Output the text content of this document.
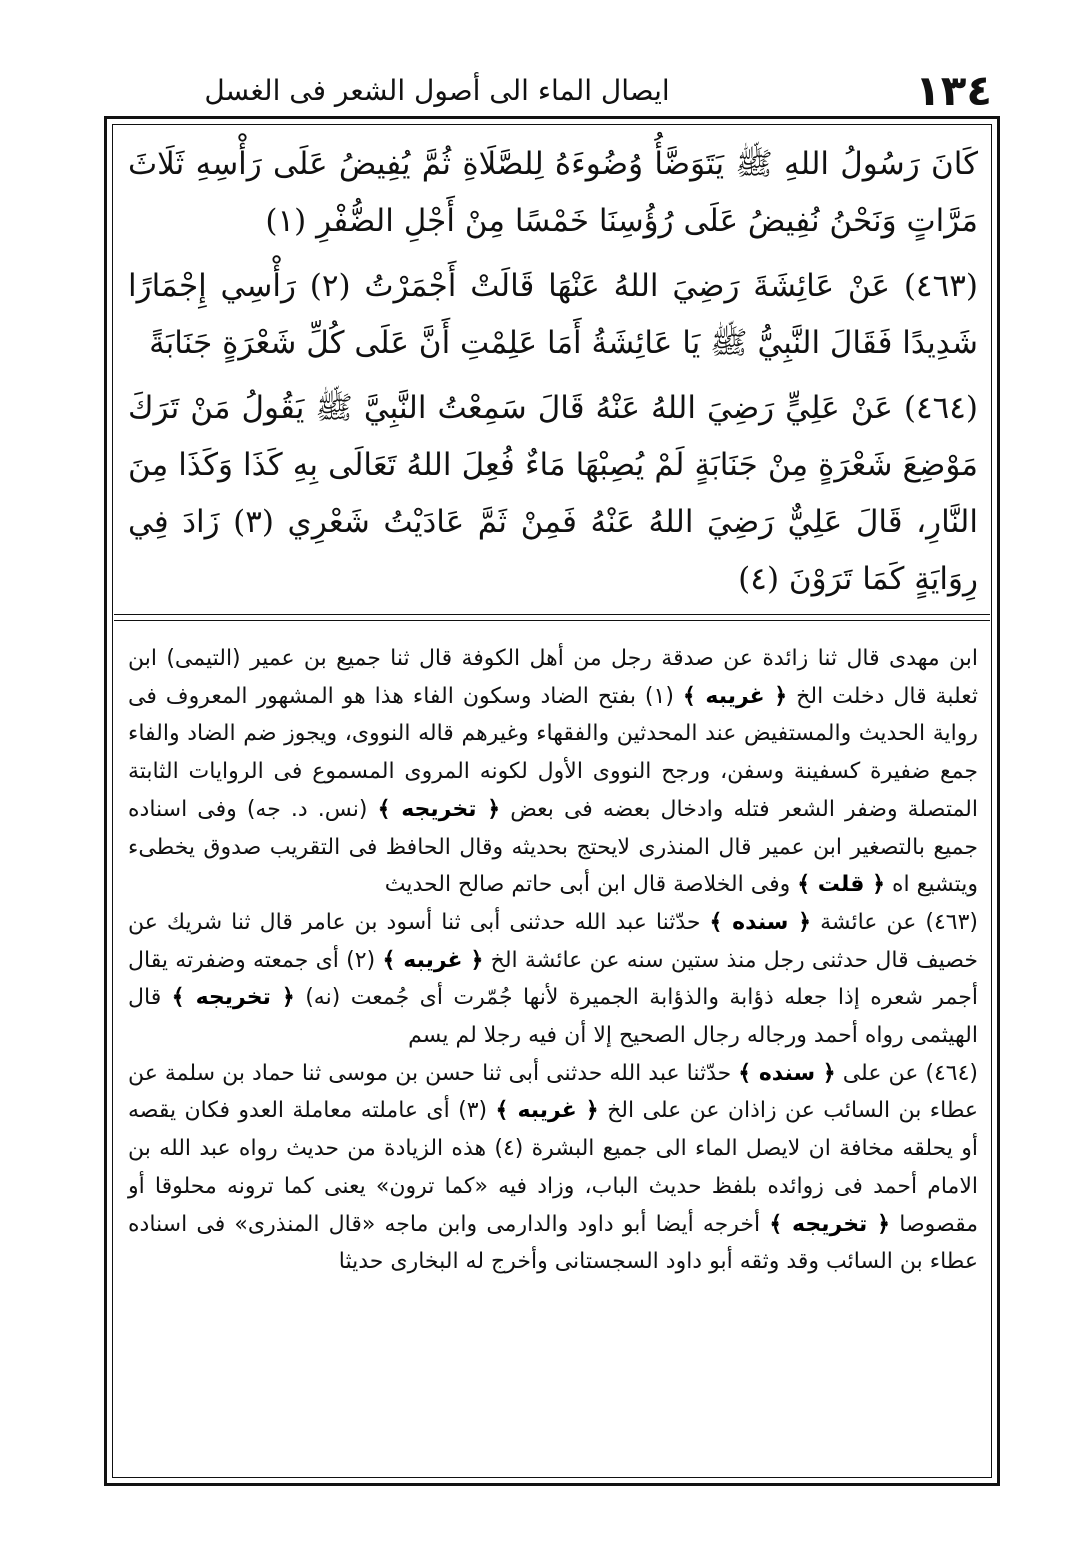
١٣٤
ايصال الماء الى أصول الشعر فى الغسل

كَانَ رَسُولُ اللهِ ﷺ يَتَوَضَّأُ وُضُوءَهُ لِلصَّلَاةِ ثُمَّ يُفِيضُ عَلَى رَأْسِهِ ثَلَاثَ مَرَّاتٍ وَنَحْنُ نُفِيضُ عَلَى رُؤُسِنَا خَمْسًا مِنْ أَجْلِ الضُّفْرِ (١)

(٤٦٣) عَنْ عَائِشَةَ رَضِيَ اللهُ عَنْهَا قَالَتْ أَجْمَرْتُ (٢) رَأْسِي إِجْمَارًا شَدِيدًا فَقَالَ النَّبِيُّ ﷺ يَا عَائِشَةُ أَمَا عَلِمْتِ أَنَّ عَلَى كُلِّ شَعْرَةٍ جَنَابَةً

(٤٦٤) عَنْ عَلِيٍّ رَضِيَ اللهُ عَنْهُ قَالَ سَمِعْتُ النَّبِيَّ ﷺ يَقُولُ مَنْ تَرَكَ مَوْضِعَ شَعْرَةٍ مِنْ جَنَابَةٍ لَمْ يُصِبْهَا مَاءٌ فُعِلَ اللهُ تَعَالَى بِهِ كَذَا وَكَذَا مِنَ النَّارِ، قَالَ عَلِيٌّ رَضِيَ اللهُ عَنْهُ فَمِنْ ثَمَّ عَادَيْتُ شَعْرِي (٣) زَادَ فِي رِوَايَةٍ كَمَا تَرَوْنَ (٤)

ابن مهدى قال ثنا زائدة عن صدقة رجل من أهل الكوفة قال ثنا جميع بن عمير (التيمى) ابن ثعلبة قال دخلت الخ ﴿ غريبه ﴾ (١) بفتح الضاد وسكون الفاء هذا هو المشهور المعروف فى رواية الحديث والمستفيض عند المحدثين والفقهاء وغيرهم قاله النووى، ويجوز ضم الضاد والفاء جمع ضفيرة كسفينة وسفن، ورجح النووى الأول لكونه المروى المسموع فى الروايات الثابتة المتصلة وضفر الشعر فتله وادخال بعضه فى بعض ﴿ تخريجه ﴾ (نس. د. جه) وفى اسناده جميع بالتصغير ابن عمير قال المنذرى لايحتج بحديثه وقال الحافظ فى التقريب صدوق يخطىء ويتشيع اه ﴿ قلت ﴾ وفى الخلاصة قال ابن أبى حاتم صالح الحديث

(٤٦٣) عن عائشة ﴿ سنده ﴾ حدّثنا عبد الله حدثنى أبى ثنا أسود بن عامر قال ثنا شريك عن خصيف قال حدثنى رجل منذ ستين سنه عن عائشة الخ ﴿ غريبه ﴾ (٢) أى جمعته وضفرته يقال أجمر شعره إذا جعله ذؤابة والذؤابة الجميرة لأنها جُمّرت أى جُمعت (نه) ﴿ تخريجه ﴾ قال الهيثمى رواه أحمد ورجاله رجال الصحيح إلا أن فيه رجلا لم يسم

(٤٦٤) عن على ﴿ سنده ﴾ حدّثنا عبد الله حدثنى أبى ثنا حسن بن موسى ثنا حماد بن سلمة عن عطاء بن السائب عن زاذان عن على الخ ﴿ غريبه ﴾ (٣) أى عاملته معاملة العدو فكان يقصه أو يحلقه مخافة ان لايصل الماء الى جميع البشرة (٤) هذه الزيادة من حديث رواه عبد الله بن الامام أحمد فى زوائده بلفظ حديث الباب، وزاد فيه «كما ترون» يعنى كما ترونه محلوقا أو مقصوصا ﴿ تخريجه ﴾ أخرجه أيضا أبو داود والدارمى وابن ماجه «قال المنذرى» فى اسناده عطاء بن السائب وقد وثقه أبو داود السجستانى وأخرج له البخارى حديثا
